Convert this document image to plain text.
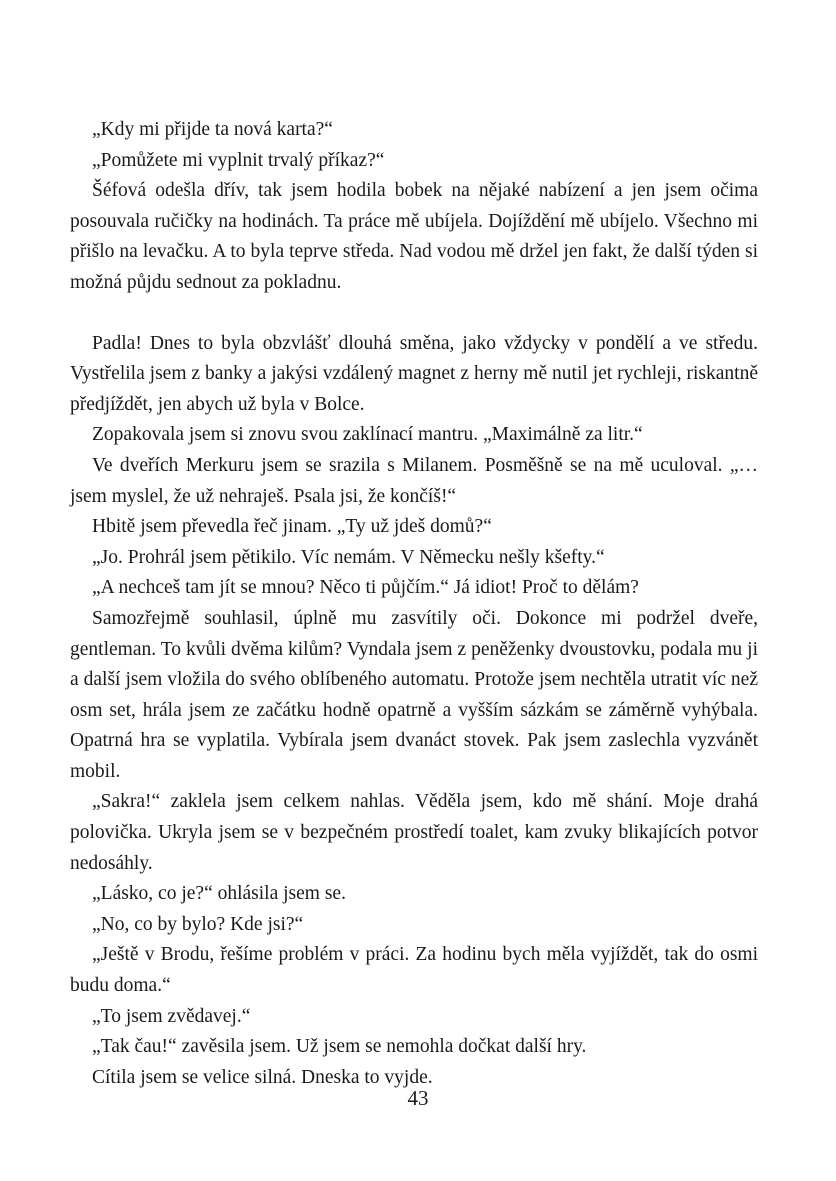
„Kdy mi přijde ta nová karta?“

„Pomůžete mi vyplnit trvalý příkaz?“

Šéfová odešla dřív, tak jsem hodila bobek na nějaké nabízení a jen jsem očima posouvala ručičky na hodinách. Ta práce mě ubíjela. Dojíždění mě ubíjelo. Všechno mi přišlo na levačku. A to byla teprve středa. Nad vodou mě držel jen fakt, že další týden si možná půjdu sednout za pokladnu.

Padla! Dnes to byla obzvlášť dlouhá směna, jako vždycky v pondělí a ve středu. Vystřelila jsem z banky a jakýsi vzdálený magnet z herny mě nutil jet rychleji, riskantně předjíždět, jen abych už byla v Bolce.

Zopakovala jsem si znovu svou zaklínací mantru. „Maximálně za litr.“

Ve dveřích Merkuru jsem se srazila s Milanem. Posměšně se na mě uculoval. „… jsem myslel, že už nehraješ. Psala jsi, že končíš!“

Hbitě jsem převedla řeč jinam. „Ty už jdeš domů?“

„Jo. Prohrál jsem pětikilo. Víc nemám. V Německu nešly kšefty.“

„A nechceš tam jít se mnou? Něco ti půjčím.“ Já idiot! Proč to dělám?

Samozřejmě souhlasil, úplně mu zasvítily oči. Dokonce mi podržel dveře, gentleman. To kvůli dvěma kilům? Vyndala jsem z peněženky dvoustovku, podala mu ji a další jsem vložila do svého oblíbeného automatu. Protože jsem nechtěla utratit víc než osm set, hrála jsem ze začátku hodně opatrně a vyšším sázkám se záměrně vyhýbala. Opatrná hra se vyplatila. Vybírala jsem dvanáct stovek. Pak jsem zaslechla vyzvánět mobil.

„Sakra!“ zaklela jsem celkem nahlas. Věděla jsem, kdo mě shání. Moje drahá polovička. Ukryla jsem se v bezpečném prostředí toalet, kam zvuky blikajících potvor nedosáhly.

„Lásko, co je?“ ohlásila jsem se.

„No, co by bylo? Kde jsi?“

„Ještě v Brodu, řešíme problém v práci. Za hodinu bych měla vyjíždět, tak do osmi budu doma.“

„To jsem zvědavej.“

„Tak čau!“ zavěsila jsem. Už jsem se nemohla dočkat další hry.

Cítila jsem se velice silná. Dneska to vyjde.

43
